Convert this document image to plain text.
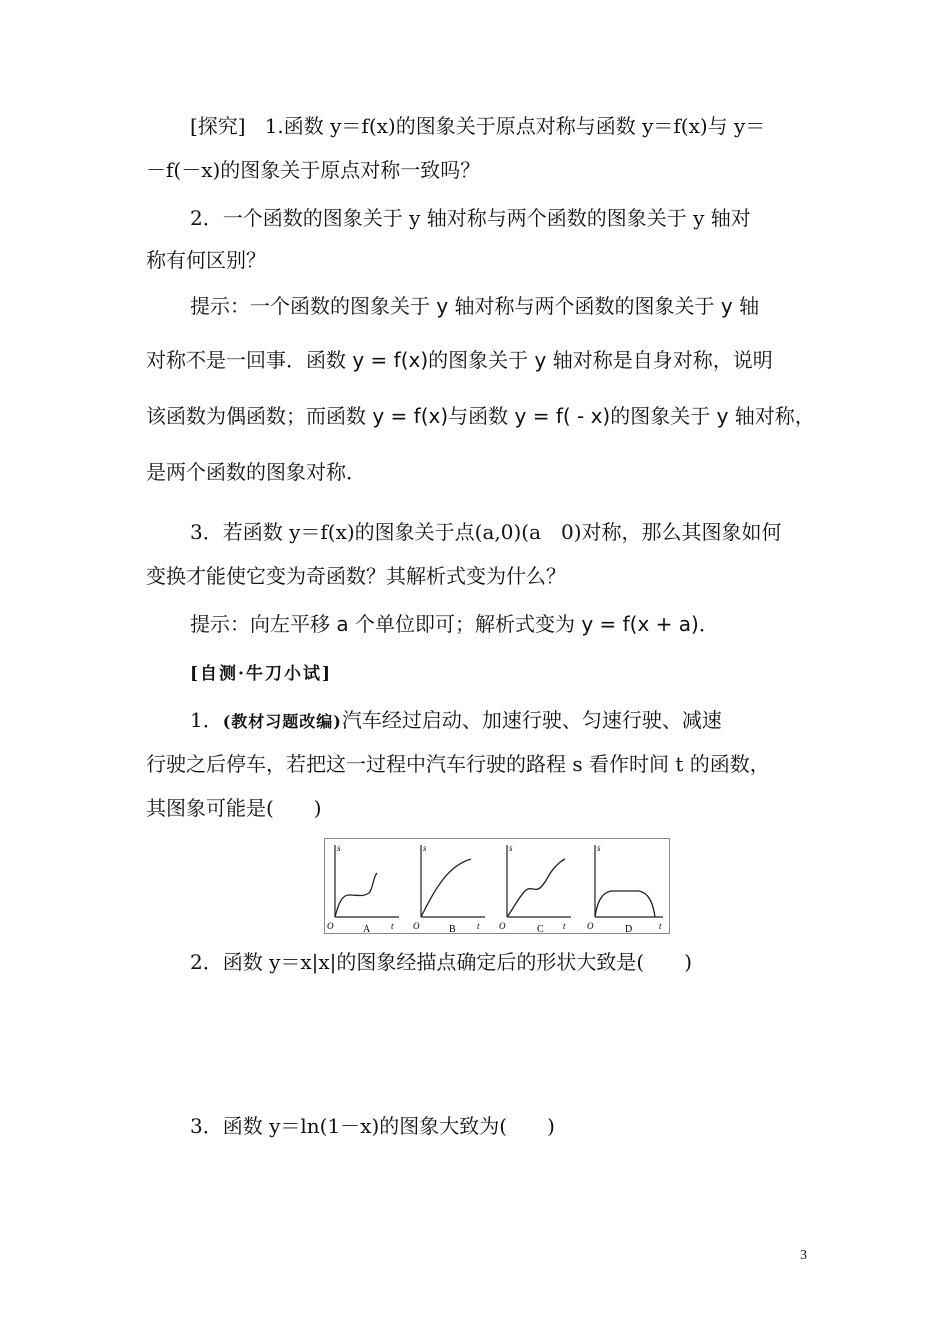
[探究] 1.函数 y＝f(x)的图象关于原点对称与函数 y＝f(x)与 y＝
－f(－x)的图象关于原点对称一致吗？
2．一个函数的图象关于 y 轴对称与两个函数的图象关于 y 轴对
称有何区别？
提示：一个函数的图象关于 y 轴对称与两个函数的图象关于 y 轴
对称不是一回事．函数 y = f(x)的图象关于 y 轴对称是自身对称，说明
该函数为偶函数；而函数 y = f(x)与函数 y = f( - x)的图象关于 y 轴对称，
是两个函数的图象对称．
3．若函数 y＝f(x)的图象关于点(a,0)(a　0)对称，那么其图象如何
变换才能使它变为奇函数？其解析式变为什么？
提示：向左平移 a 个单位即可；解析式变为 y = f(x + a)．
[自测·牛刀小试]
1．(教材习题改编)汽车经过启动、加速行驶、匀速行驶、减速
行驶之后停车，若把这一过程中汽车行驶的路程 s 看作时间 t 的函数，
其图象可能是(　　)
s
O	t
A
s
O	t
B
s
O	t
C
s
O	t
D
2．函数 y＝x|x|的图象经描点确定后的形状大致是(　　)
3．函数 y＝ln(1－x)的图象大致为(　　)
3
